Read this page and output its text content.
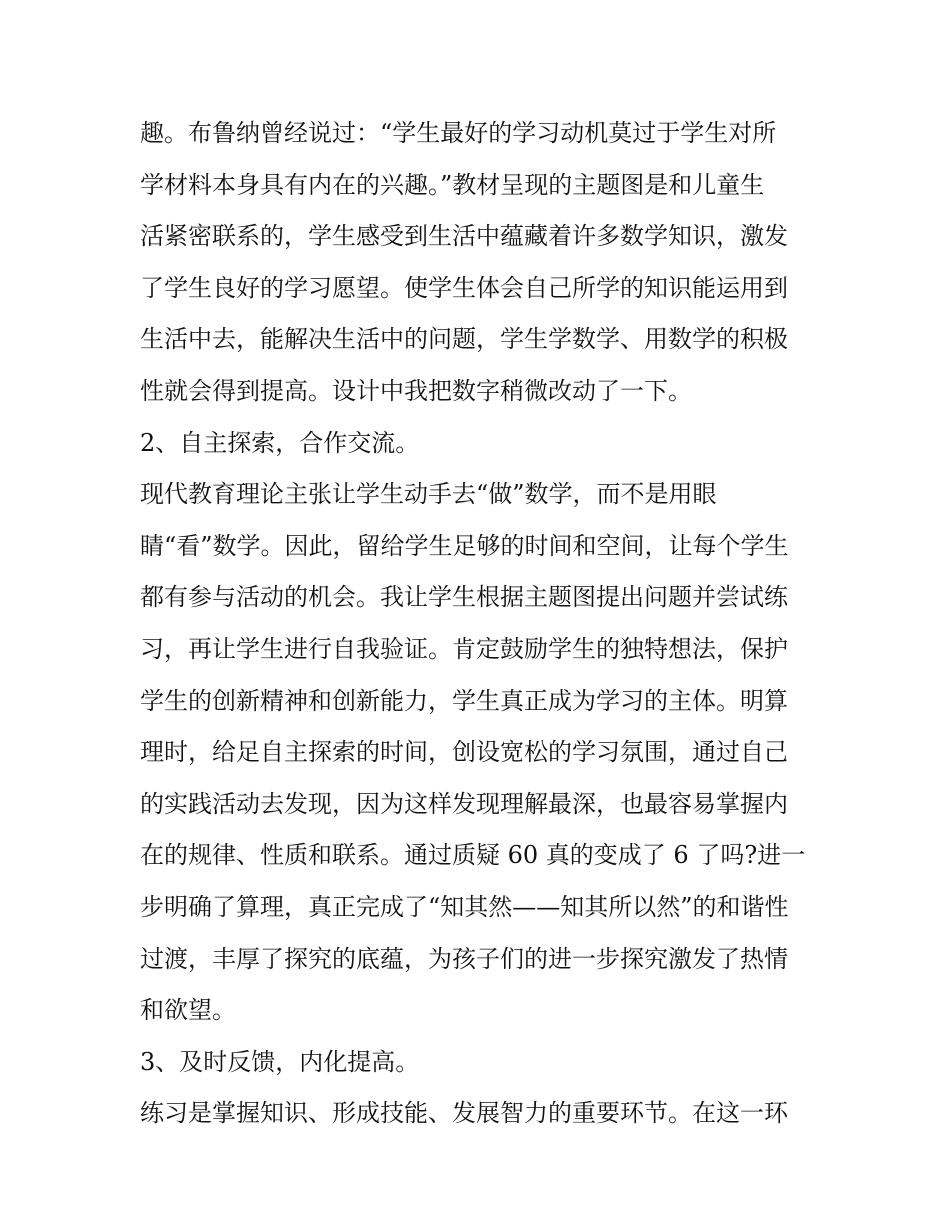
趣。布鲁纳曾经说过：“学生最好的学习动机莫过于学生对所
学材料本身具有内在的兴趣。”教材呈现的主题图是和儿童生
活紧密联系的，学生感受到生活中蕴藏着许多数学知识，激发
了学生良好的学习愿望。使学生体会自己所学的知识能运用到
生活中去，能解决生活中的问题，学生学数学、用数学的积极
性就会得到提高。设计中我把数字稍微改动了一下。
2、自主探索，合作交流。
现代教育理论主张让学生动手去“做”数学，而不是用眼
睛“看”数学。因此，留给学生足够的时间和空间，让每个学生
都有参与活动的机会。我让学生根据主题图提出问题并尝试练
习，再让学生进行自我验证。肯定鼓励学生的独特想法，保护
学生的创新精神和创新能力，学生真正成为学习的主体。明算
理时，给足自主探索的时间，创设宽松的学习氛围，通过自己
的实践活动去发现，因为这样发现理解最深，也最容易掌握内
在的规律、性质和联系。通过质疑 60 真的变成了 6 了吗?进一
步明确了算理，真正完成了“知其然——知其所以然”的和谐性
过渡，丰厚了探究的底蕴，为孩子们的进一步探究激发了热情
和欲望。
3、及时反馈，内化提高。
练习是掌握知识、形成技能、发展智力的重要环节。在这一环
